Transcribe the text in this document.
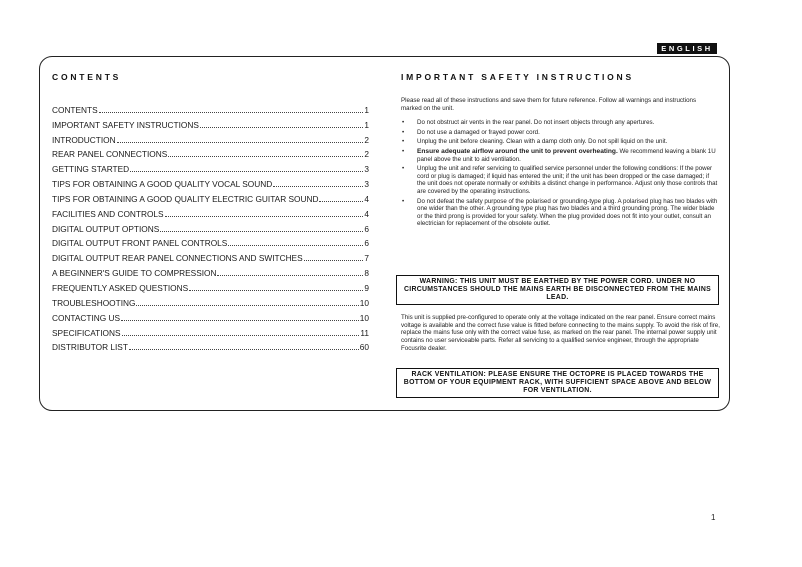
ENGLISH
CONTENTS
CONTENTS	1
IMPORTANT SAFETY INSTRUCTIONS	1
INTRODUCTION	2
REAR PANEL CONNECTIONS	2
GETTING STARTED	3
TIPS FOR OBTAINING A GOOD QUALITY VOCAL SOUND	3
TIPS FOR OBTAINING A GOOD QUALITY ELECTRIC GUITAR SOUND	4
FACILITIES AND CONTROLS	4
DIGITAL OUTPUT OPTIONS	6
DIGITAL OUTPUT FRONT PANEL CONTROLS	6
DIGITAL OUTPUT REAR PANEL CONNECTIONS AND SWITCHES	7
A BEGINNER'S GUIDE TO COMPRESSION	8
FREQUENTLY ASKED QUESTIONS	9
TROUBLESHOOTING	10
CONTACTING US	10
SPECIFICATIONS	11
DISTRIBUTOR LIST	60
IMPORTANT SAFETY INSTRUCTIONS

Please read all of these instructions and save them for future reference. Follow all warnings and instructions marked on the unit.

• Do not obstruct air vents in the rear panel. Do not insert objects through any apertures.
• Do not use a damaged or frayed power cord.
• Unplug the unit before cleaning. Clean with a damp cloth only. Do not spill liquid on the unit.
• Ensure adequate airflow around the unit to prevent overheating. We recommend leaving a blank 1U panel above the unit to aid ventilation.
• Unplug the unit and refer servicing to qualified service personnel under the following conditions: If the power cord or plug is damaged; if liquid has entered the unit; if the unit has been dropped or the case damaged; if the unit does not operate normally or exhibits a distinct change in performance. Adjust only those controls that are covered by the operating instructions.
• Do not defeat the safety purpose of the polarised or grounding-type plug. A polarised plug has two blades with one wider than the other. A grounding type plug has two blades and a third grounding prong. The wider blade or the third prong is provided for your safety. When the plug provided does not fit into your outlet, consult an electrician for replacement of the obsolete outlet.

WARNING: THIS UNIT MUST BE EARTHED BY THE POWER CORD. UNDER NO CIRCUMSTANCES SHOULD THE MAINS EARTH BE DISCONNECTED FROM THE MAINS LEAD.

This unit is supplied pre-configured to operate only at the voltage indicated on the rear panel. Ensure correct mains voltage is available and the correct fuse value is fitted before connecting to the mains supply. To avoid the risk of fire, replace the mains fuse only with the correct value fuse, as marked on the rear panel. The internal power supply unit contains no user serviceable parts. Refer all servicing to a qualified service engineer, through the appropriate Focusrite dealer.

RACK VENTILATION: PLEASE ENSURE THE OCTOPRE IS PLACED TOWARDS THE BOTTOM OF YOUR EQUIPMENT RACK, WITH SUFFICIENT SPACE ABOVE AND BELOW FOR VENTILATION.

1
